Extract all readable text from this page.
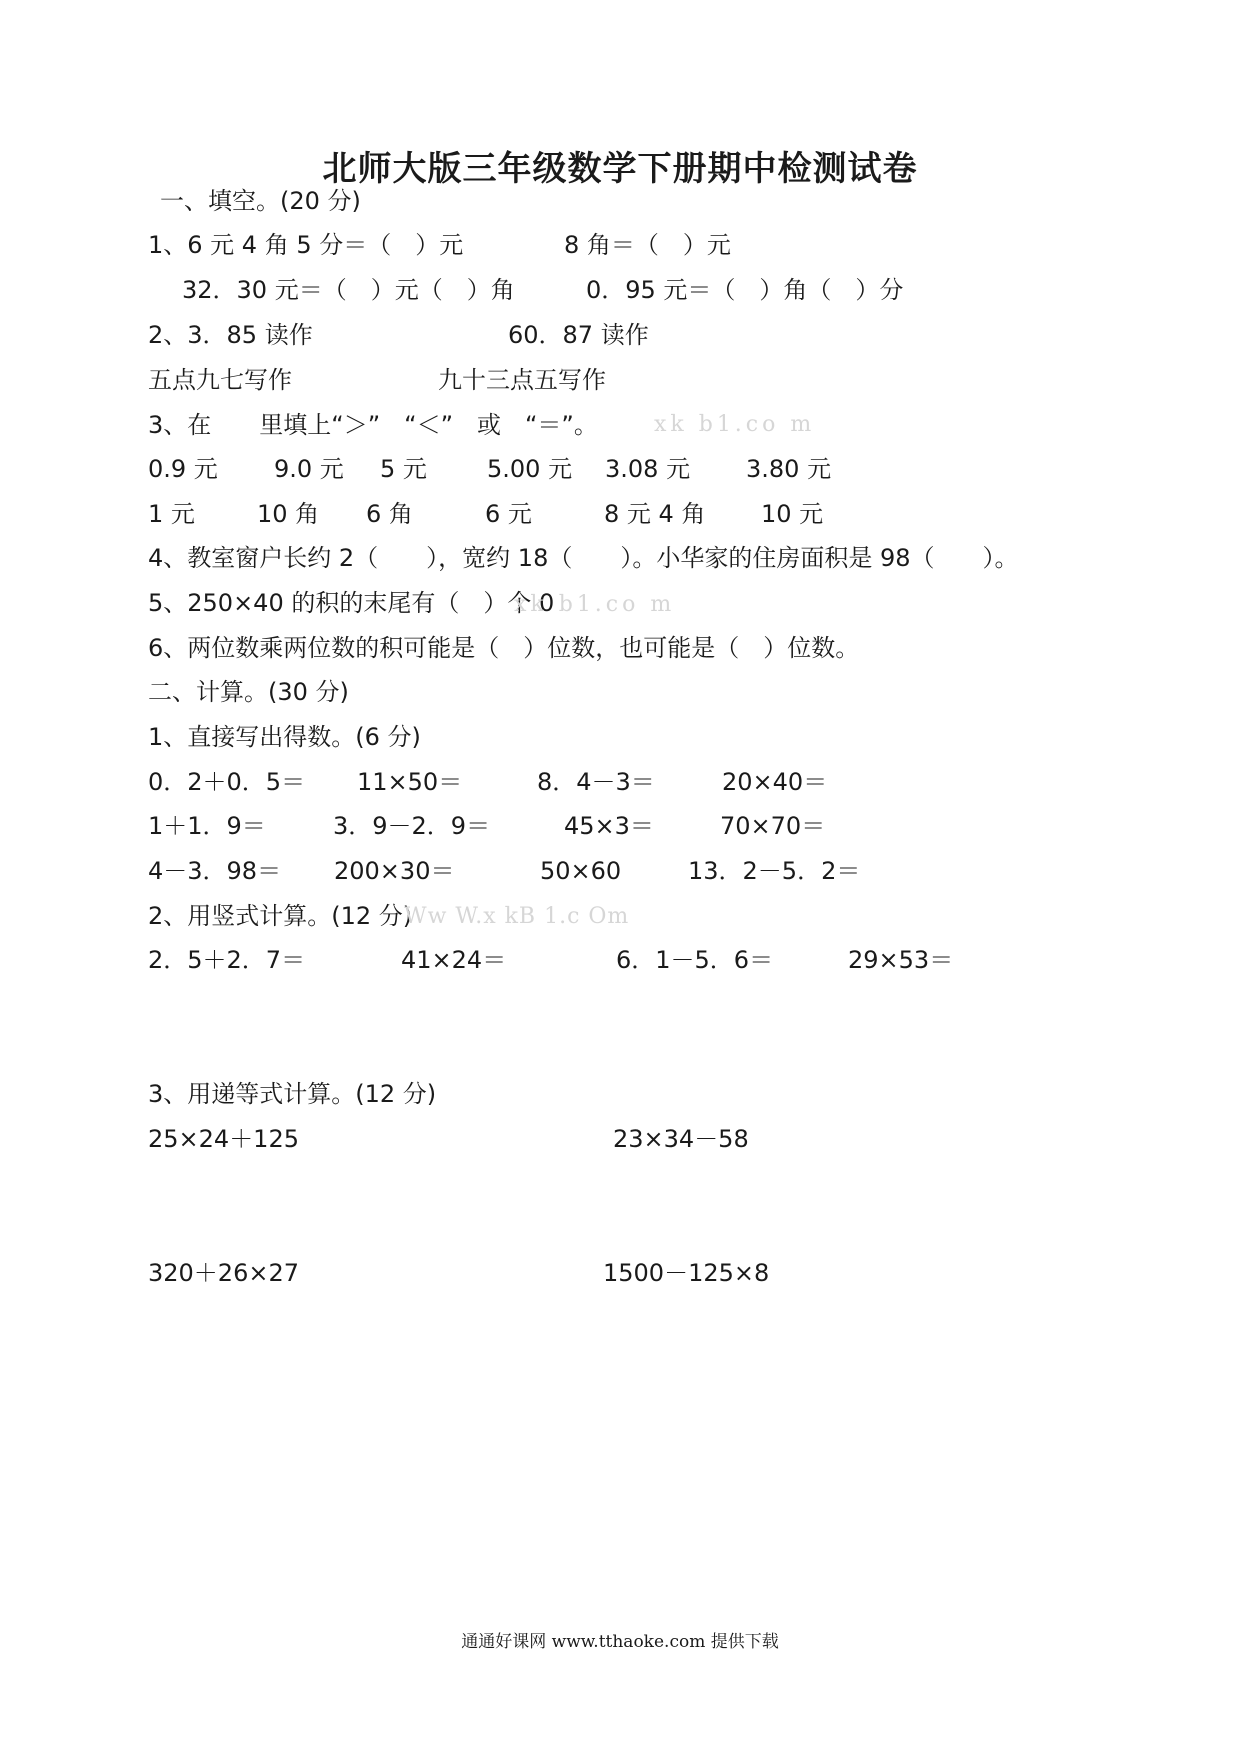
北师大版三年级数学下册期中检测试卷
一、填空。(20 分)
1、6 元 4 角 5 分＝（　）元	8 角＝（　）元
32．30 元＝（　）元（　）角	0．95 元＝（　）角（　）分
2、3．85 读作	60．87 读作
五点九七写作	九十三点五写作
3、在　　里填上“＞”　“＜”　或　“＝”。	xk b1.co m
0.9 元 9.0 元 5 元	5.00 元 3.08 元 3.80 元
1 元	10 角 6 角	6 元	8 元 4 角 10 元
4、教室窗户长约 2（　　），宽约 18（　　）。小华家的住房面积是 98（　　）。
5、250×40 的积的末尾有（　）个 0
xk b1.co m
6、两位数乘两位数的积可能是（　）位数，也可能是（　）位数。
二、计算。(30 分)
1、直接写出得数。(6 分)
0．2＋0．5＝ 11×50＝	8．4－3＝	20×40＝
1＋1．9＝	3．9－2．9＝	45×3＝	70×70＝
4－3．98＝ 200×30＝	50×60	13．2－5．2＝
2、用竖式计算。(12 分)
Ww W.x kB 1.c Om
2．5＋2．7＝	41×24＝	6．1－5．6＝	29×53＝
3、用递等式计算。(12 分)
25×24＋125	23×34－58
320＋26×27	1500－125×8
通通好课网 www.tthaoke.com 提供下载
